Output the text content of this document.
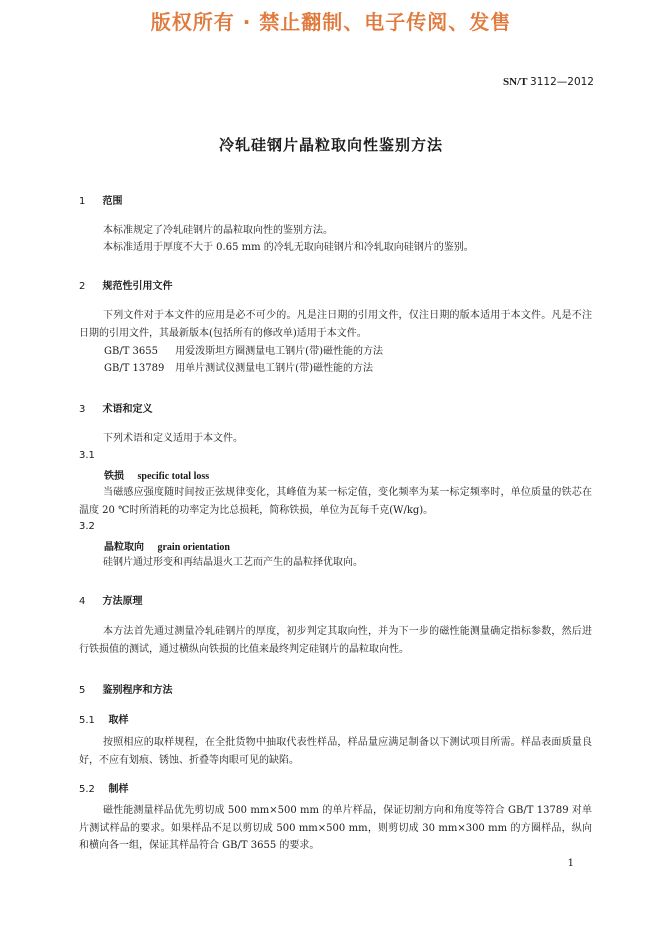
版权所有 · 禁止翻制、电子传阅、发售
SN/T 3112—2012
冷轧硅钢片晶粒取向性鉴别方法
1 范围
本标准规定了冷轧硅钢片的晶粒取向性的鉴别方法。
本标准适用于厚度不大于 0.65 mm 的冷轧无取向硅钢片和冷轧取向硅钢片的鉴别。
2 规范性引用文件
下列文件对于本文件的应用是必不可少的。凡是注日期的引用文件，仅注日期的版本适用于本文件。凡是不注日期的引用文件，其最新版本(包括所有的修改单)适用于本文件。
GB/T 3655 用爱泼斯坦方圈测量电工钢片(带)磁性能的方法
GB/T 13789 用单片测试仪测量电工钢片(带)磁性能的方法
3 术语和定义
下列术语和定义适用于本文件。
3.1
铁损 specific total loss
当磁感应强度随时间按正弦规律变化，其峰值为某一标定值，变化频率为某一标定频率时，单位质量的铁芯在温度 20 ℃时所消耗的功率定为比总损耗，简称铁损，单位为瓦每千克(W/kg)。
3.2
晶粒取向 grain orientation
硅钢片通过形变和再结晶退火工艺而产生的晶粒择优取向。
4 方法原理
本方法首先通过测量冷轧硅钢片的厚度，初步判定其取向性，并为下一步的磁性能测量确定指标参数，然后进行铁损值的测试，通过横纵向铁损的比值来最终判定硅钢片的晶粒取向性。
5 鉴别程序和方法
5.1 取样
按照相应的取样规程，在全批货物中抽取代表性样品，样品量应满足制备以下测试项目所需。样品表面质量良好，不应有划痕、锈蚀、折叠等肉眼可见的缺陷。
5.2 制样
磁性能测量样品优先剪切成 500 mm×500 mm 的单片样品，保证切割方向和角度等符合 GB/T 13789 对单片测试样品的要求。如果样品不足以剪切成 500 mm×500 mm，则剪切成 30 mm×300 mm 的方圈样品，纵向和横向各一组，保证其样品符合 GB/T 3655 的要求。
1
